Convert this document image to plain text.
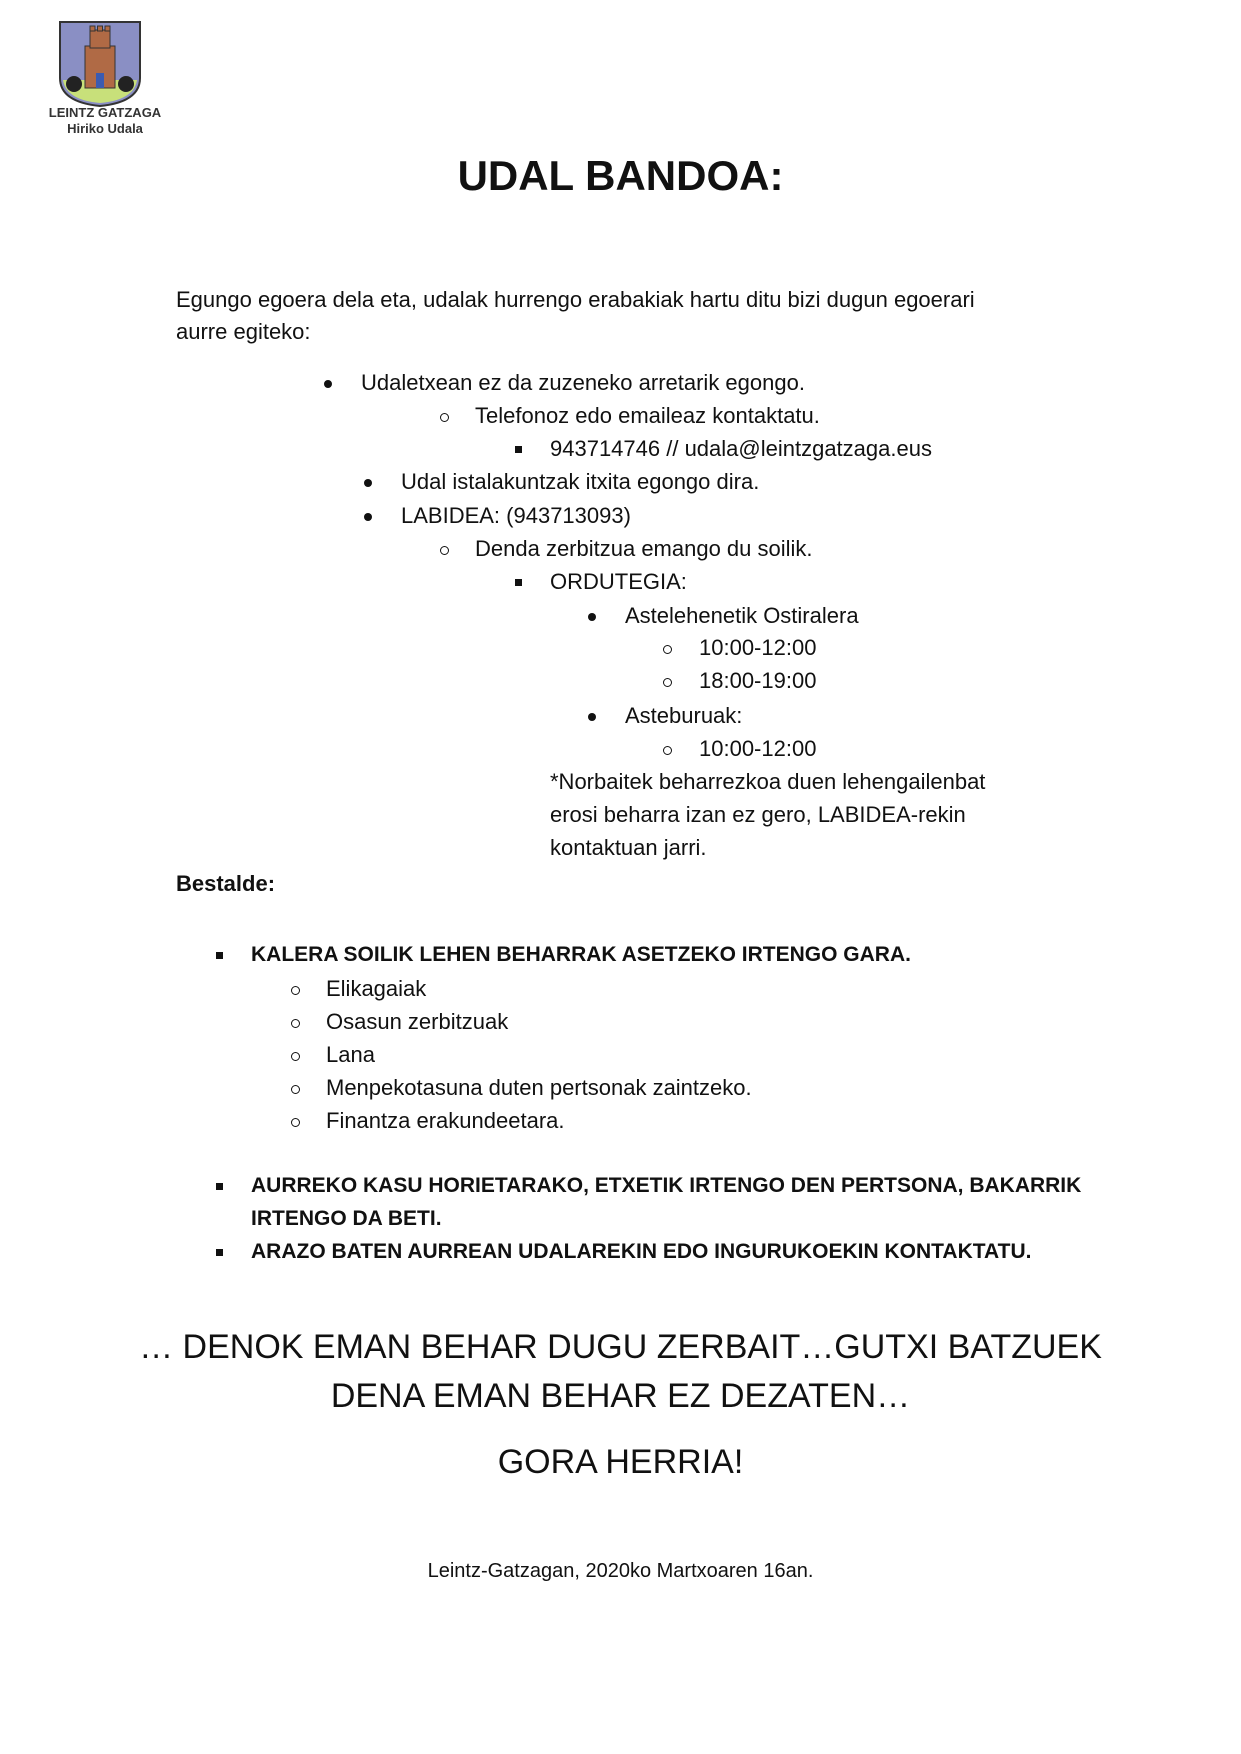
LEINTZ GATZAGA
Hiriko Udala
UDAL BANDOA:
Egungo egoera dela eta, udalak hurrengo erabakiak hartu ditu bizi dugun egoerari
aurre egiteko:
Udaletxean ez da zuzeneko arretarik egongo.
Telefonoz edo emaileaz kontaktatu.
943714746 // udala@leintzgatzaga.eus
Udal istalakuntzak itxita egongo dira.
LABIDEA: (943713093)
Denda zerbitzua emango du soilik.
ORDUTEGIA:
Astelehenetik Ostiralera
10:00-12:00
18:00-19:00
Asteburuak:
10:00-12:00
*Norbaitek beharrezkoa duen lehengailenbat
erosi beharra izan ez gero, LABIDEA-rekin
kontaktuan jarri.
Bestalde:
KALERA SOILIK LEHEN BEHARRAK ASETZEKO IRTENGO GARA.
Elikagaiak
Osasun zerbitzuak
Lana
Menpekotasuna duten pertsonak zaintzeko.
Finantza erakundeetara.
AURREKO KASU HORIETARAKO, ETXETIK IRTENGO DEN PERTSONA, BAKARRIK
IRTENGO DA BETI.
ARAZO BATEN AURREAN UDALAREKIN EDO INGURUKOEKIN KONTAKTATU.
… DENOK EMAN BEHAR DUGU ZERBAIT…GUTXI BATZUEK
DENA EMAN BEHAR EZ DEZATEN…
GORA HERRIA!
Leintz-Gatzagan, 2020ko Martxoaren 16an.
